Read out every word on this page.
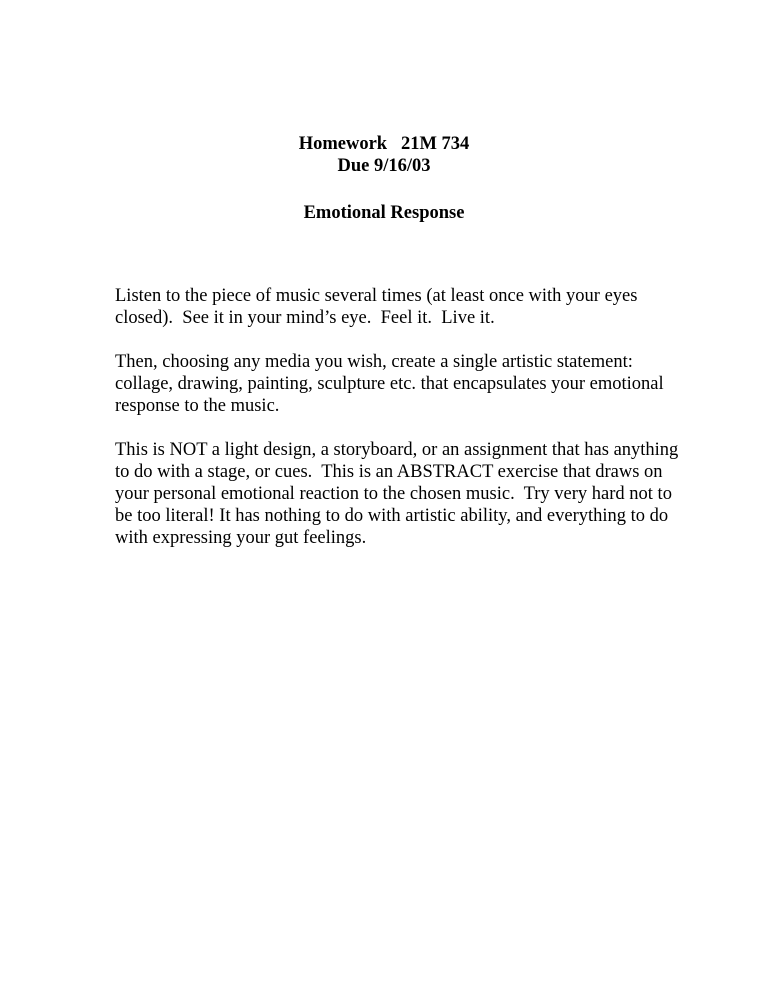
Homework   21M 734
Due 9/16/03
Emotional Response

Listen to the piece of music several times (at least once with your eyes
closed).  See it in your mind’s eye.  Feel it.  Live it.

Then, choosing any media you wish, create a single artistic statement:
collage, drawing, painting, sculpture etc. that encapsulates your emotional
response to the music.

This is NOT a light design, a storyboard, or an assignment that has anything
to do with a stage, or cues.  This is an ABSTRACT exercise that draws on
your personal emotional reaction to the chosen music.  Try very hard not to
be too literal! It has nothing to do with artistic ability, and everything to do
with expressing your gut feelings.
